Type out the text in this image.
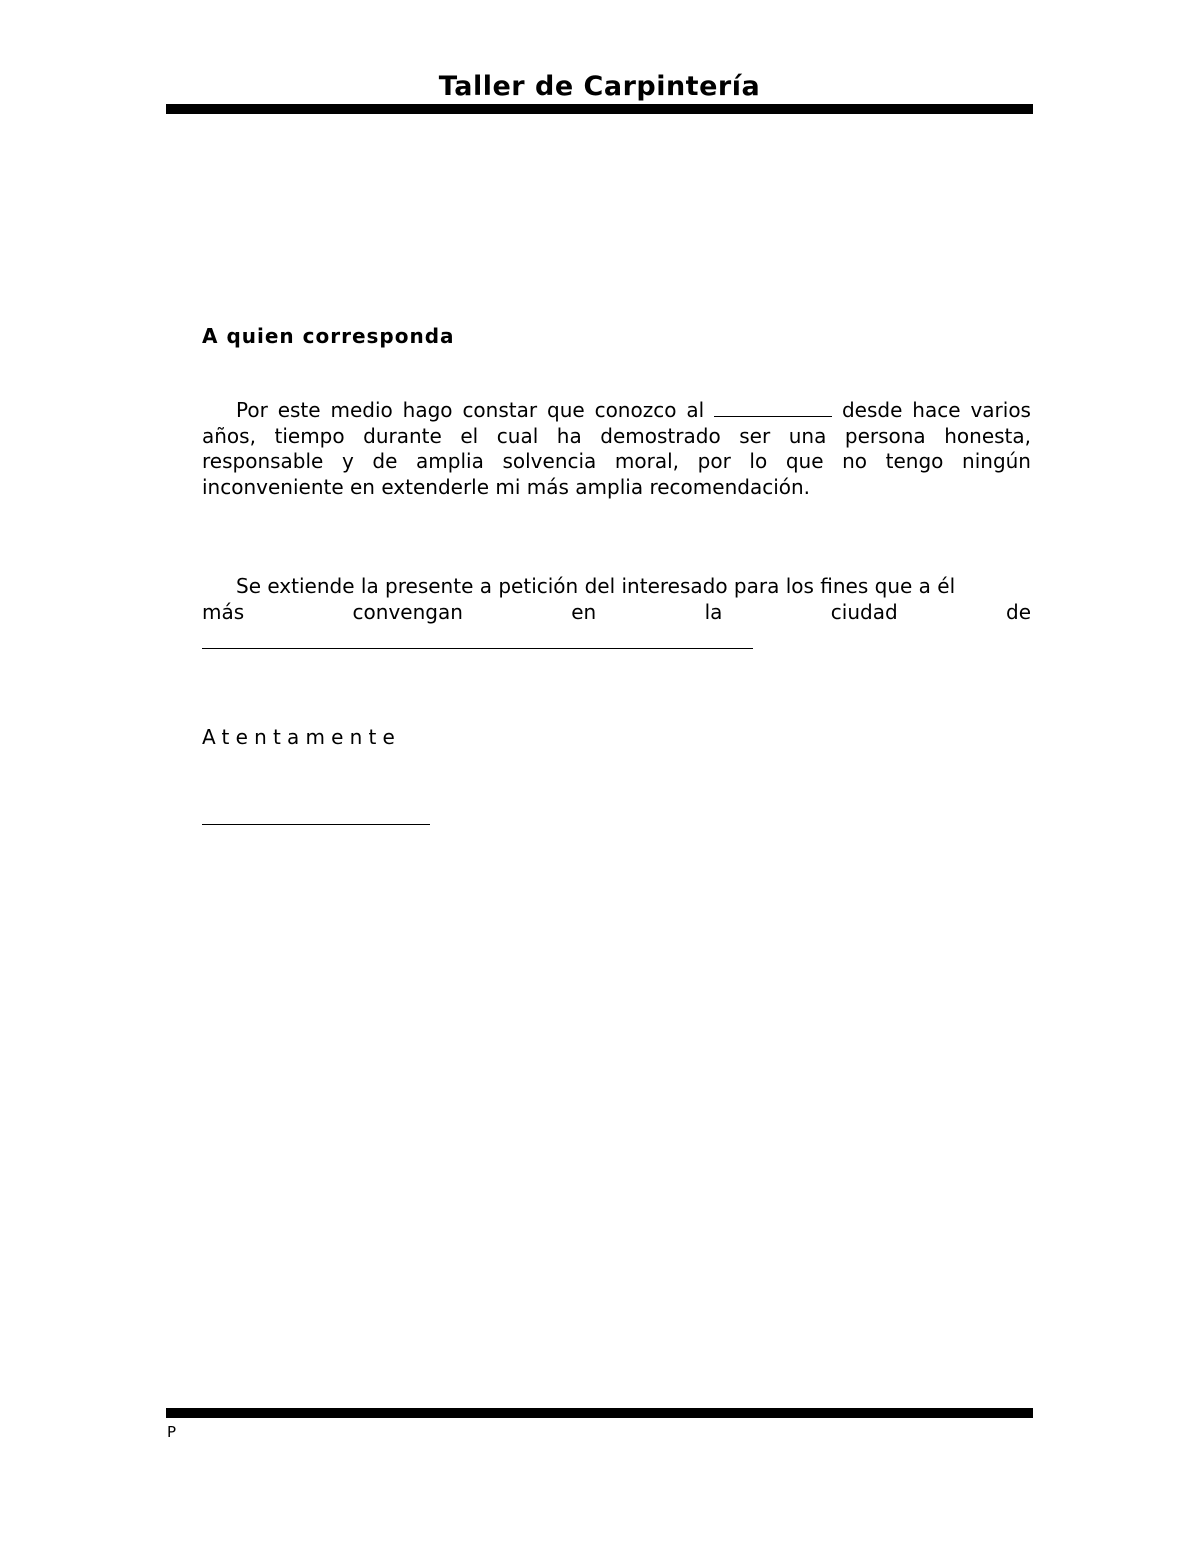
Taller de Carpintería
A quien corresponda
Por este medio hago constar que conozco al	desde hace varios años, tiempo durante el cual ha demostrado ser una persona honesta, responsable y de amplia solvencia moral, por lo que no tengo ningún inconveniente en extenderle mi más amplia recomendación.
Se extiende la presente a petición del interesado para los fines que a él
más	convengan	en	la	ciudad	de
Atentamente
P
